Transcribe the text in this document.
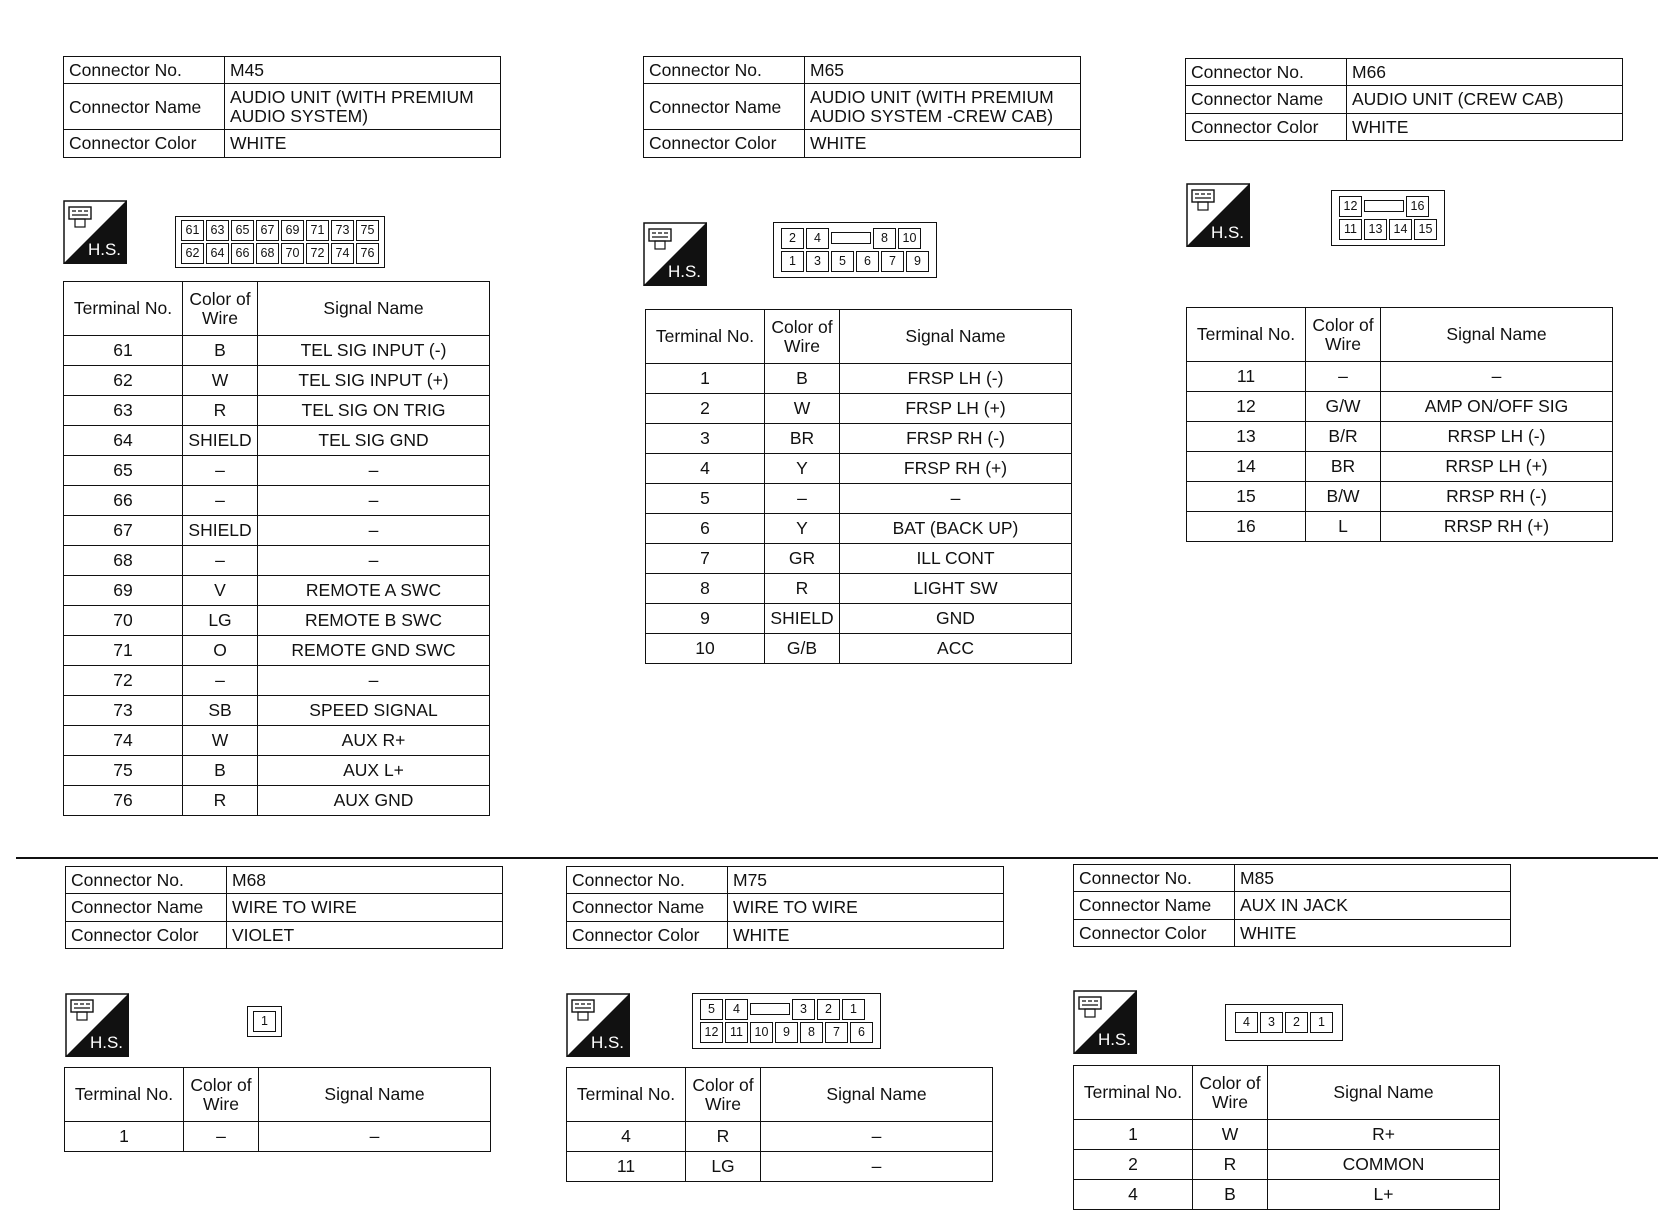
Connector No.	M45
Connector Name	AUDIO UNIT (WITH PREMIUM AUDIO SYSTEM)
Connector Color	WHITE
H.S.
61 63 65 67 69 71 73 75
62 64 66 68 70 72 74 76
Terminal No.	Color of Wire	Signal Name
61	B	TEL SIG INPUT (-)
62	W	TEL SIG INPUT (+)
63	R	TEL SIG ON TRIG
64	SHIELD	TEL SIG GND
65	–	–
66	–	–
67	SHIELD	–
68	–	–
69	V	REMOTE A SWC
70	LG	REMOTE B SWC
71	O	REMOTE GND SWC
72	–	–
73	SB	SPEED SIGNAL
74	W	AUX R+
75	B	AUX L+
76	R	AUX GND
Connector No.	M65
Connector Name	AUDIO UNIT (WITH PREMIUM AUDIO SYSTEM -CREW CAB)
Connector Color	WHITE
H.S.
2	4	8	10
1	3	5	6	7	9
Terminal No.	Color of Wire	Signal Name
1	B	FRSP LH (-)
2	W	FRSP LH (+)
3	BR	FRSP RH (-)
4	Y	FRSP RH (+)
5	–	–
6	Y	BAT (BACK UP)
7	GR	ILL CONT
8	R	LIGHT SW
9	SHIELD	GND
10	G/B	ACC
Connector No.	M66
Connector Name	AUDIO UNIT (CREW CAB)
Connector Color	WHITE
H.S.
12	16
11 13 14 15
Terminal No.	Color of Wire	Signal Name
11	–	–
12	G/W	AMP ON/OFF SIG
13	B/R	RRSP LH (-)
14	BR	RRSP LH (+)
15	B/W	RRSP RH (-)
16	L	RRSP RH (+)
Connector No.	M68
Connector Name	WIRE TO WIRE
Connector Color	VIOLET
H.S.
1
Terminal No.	Color of Wire	Signal Name
1	–	–
Connector No.	M75
Connector Name	WIRE TO WIRE
Connector Color	WHITE
H.S.
5	4	3	2	1
12 11 10	9	8	7	6
Terminal No.	Color of Wire	Signal Name
4	R	–
11	LG	–
Connector No.	M85
Connector Name	AUX IN JACK
Connector Color	WHITE
H.S.
4	3	2	1
Terminal No.	Color of Wire	Signal Name
1	W	R+
2	R	COMMON
4	B	L+
